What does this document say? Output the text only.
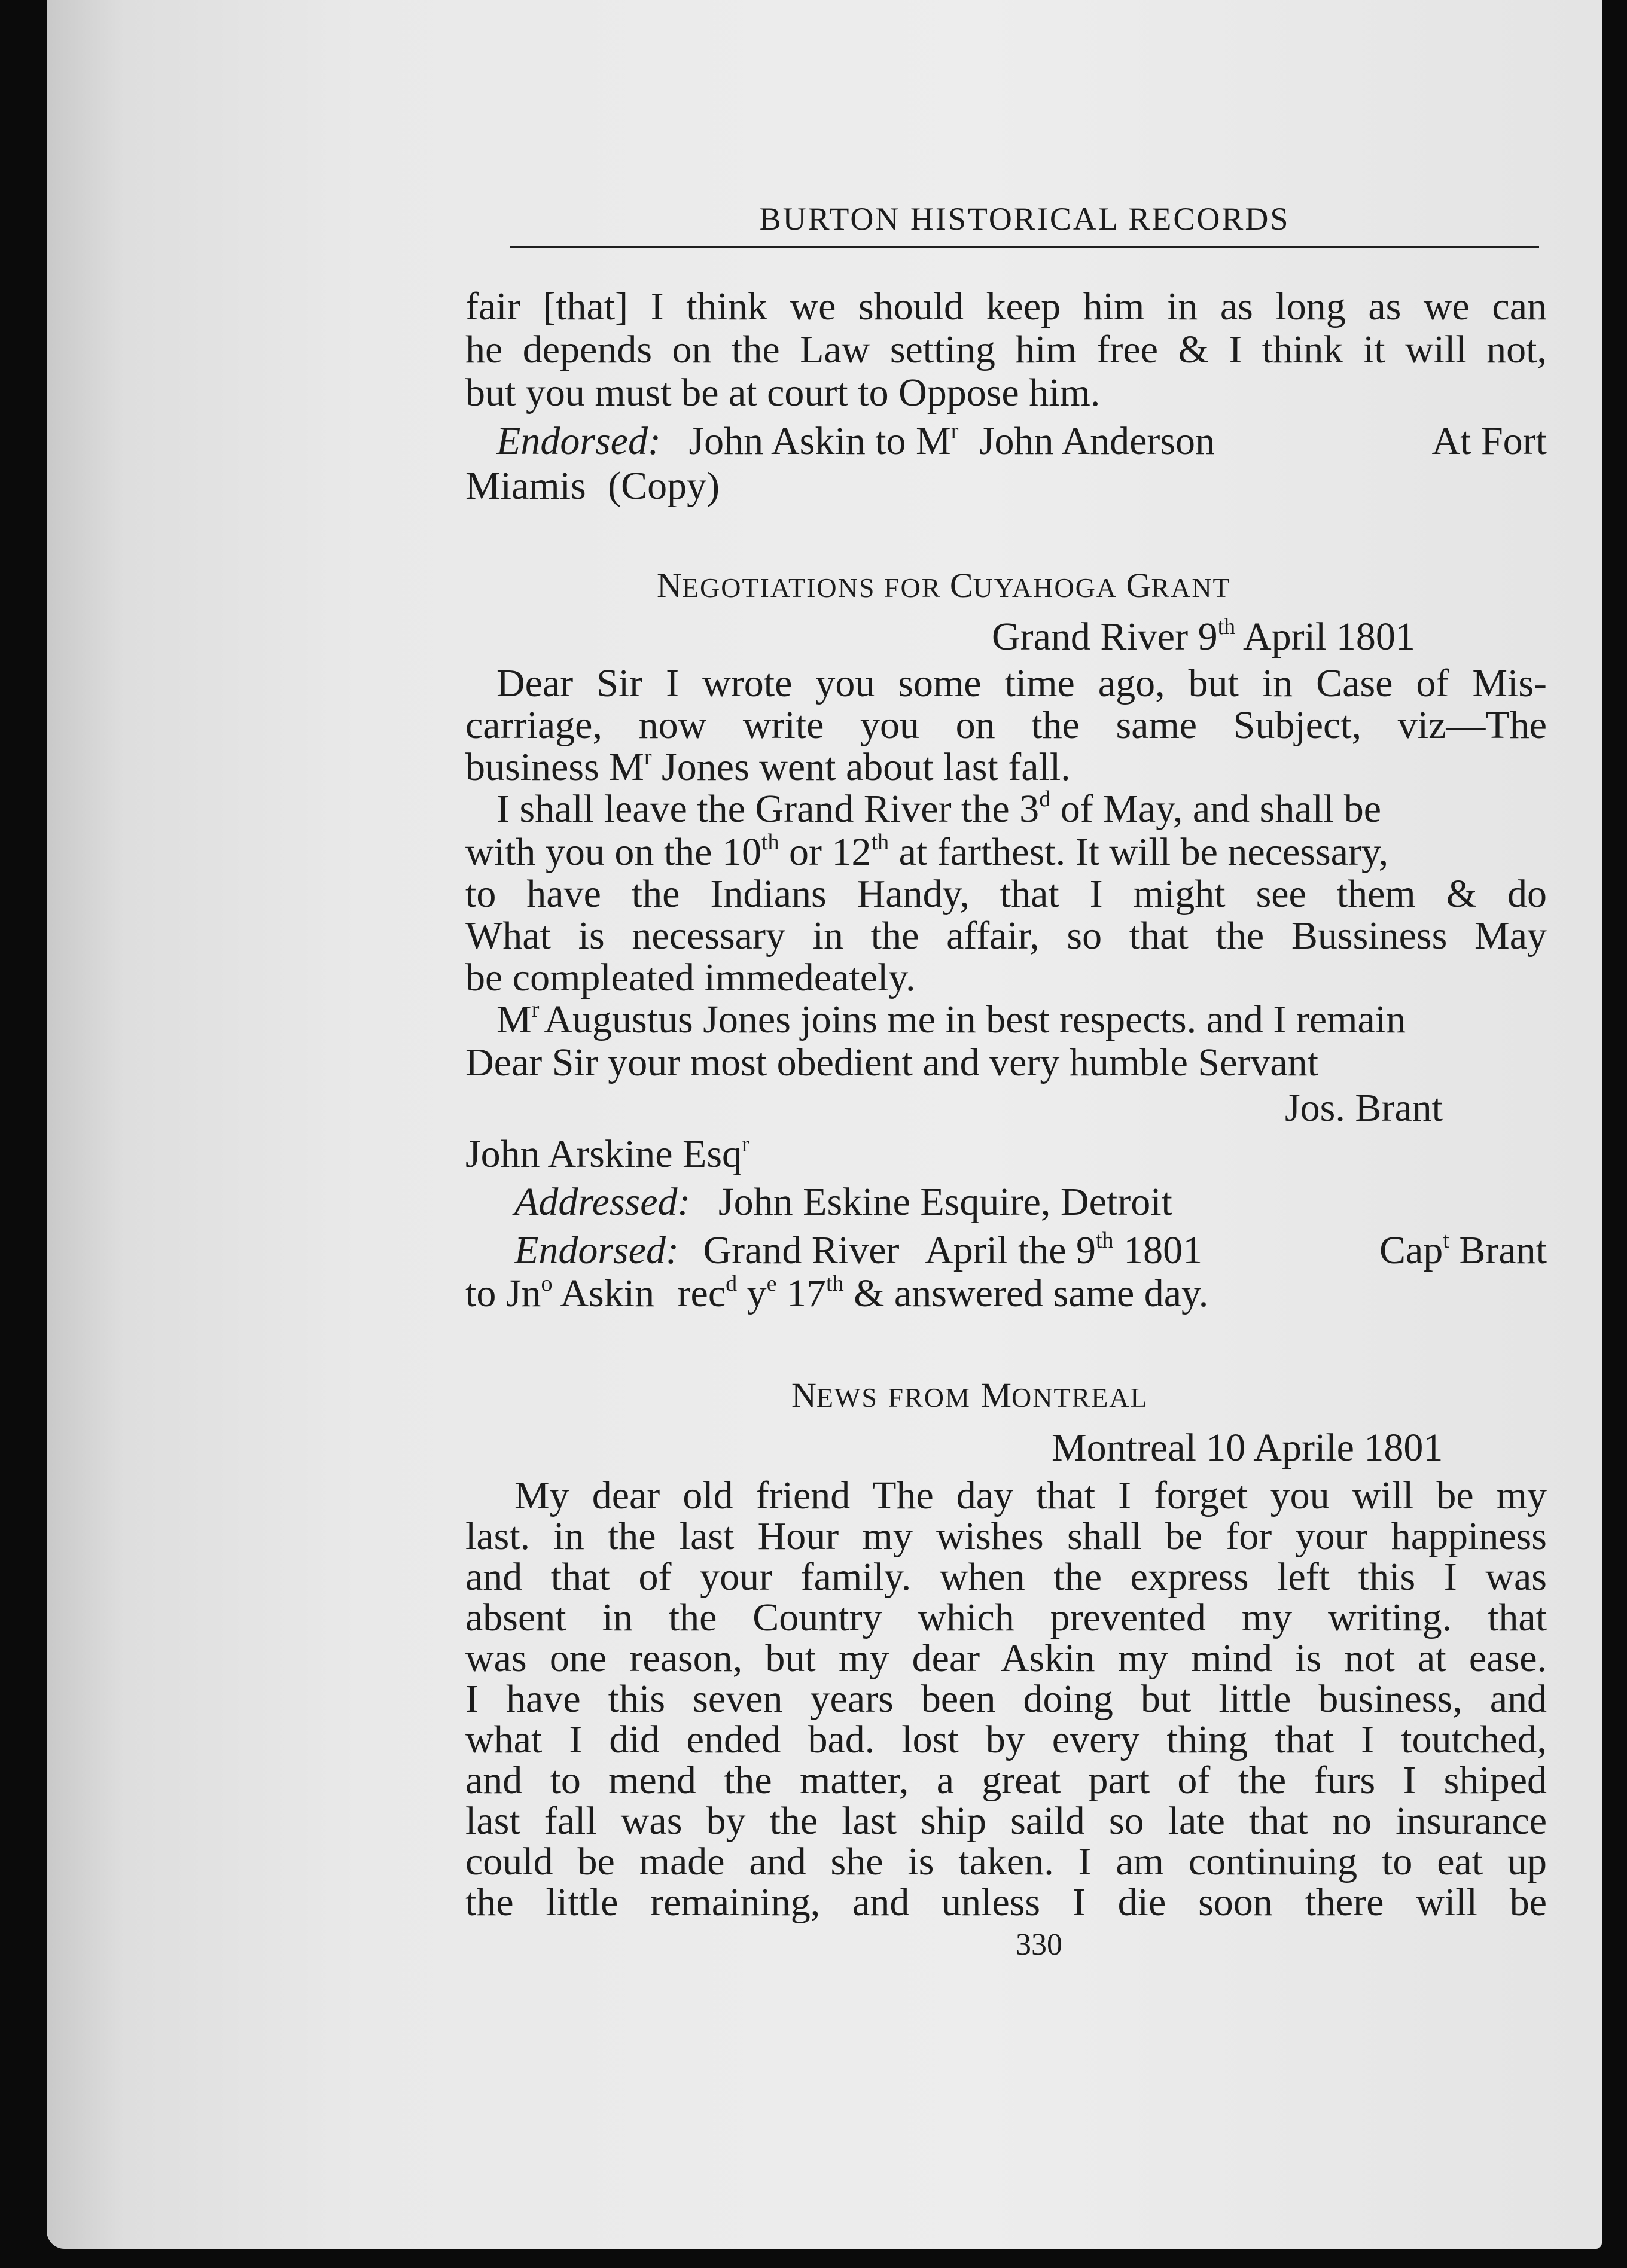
BURTON HISTORICAL RECORDS
fair [that] I think we should keep him in as long as we can
he depends on the Law setting him free & I think it will not,
but you must be at court to Oppose him.
Endorsed: John Askin to $M^r$ John Anderson	At Fort
Miamis (Copy)
NEGOTIATIONS FOR CUYAHOGA GRANT
Grand River 9th April 1801
Dear Sir I wrote you some time ago, but in Case of Mis-
carriage, now write you on the same Subject, viz—The
business $M^r$ Jones went about last fall.
I shall leave the Grand River the 3$^d$ of May, and shall be
with you on the 10th or 12th at farthest. It will be necessary,
to have the Indians Handy, that I might see them & do
What is necessary in the affair, so that the Bussiness May
be compleated immedeately.
$M^r$ Augustus Jones joins me in best respects. and I remain
Dear Sir your most obedient and very humble Servant
Jos. Brant
John Arskine Esq$^r$
Addressed: John Eskine Esquire, Detroit
Endorsed: Grand River April the 9th 1801	Cap$^t$ Brant
to Jn$^o$ Askin rec$^d$ $y^e$ 17th & answered same day.
NEWS FROM MONTREAL
Montreal 10 Aprile 1801
My dear old friend The day that I forget you will be my
last. in the last Hour my wishes shall be for your happiness
and that of your family. when the express left this I was
absent in the Country which prevented my writing. that
was one reason, but my dear Askin my mind is not at ease.
I have this seven years been doing but little business, and
what I did ended bad. lost by every thing that I toutched,
and to mend the matter, a great part of the furs I shiped
last fall was by the last ship saild so late that no insurance
could be made and she is taken. I am continuing to eat up
the little remaining, and unless I die soon there will be
330
